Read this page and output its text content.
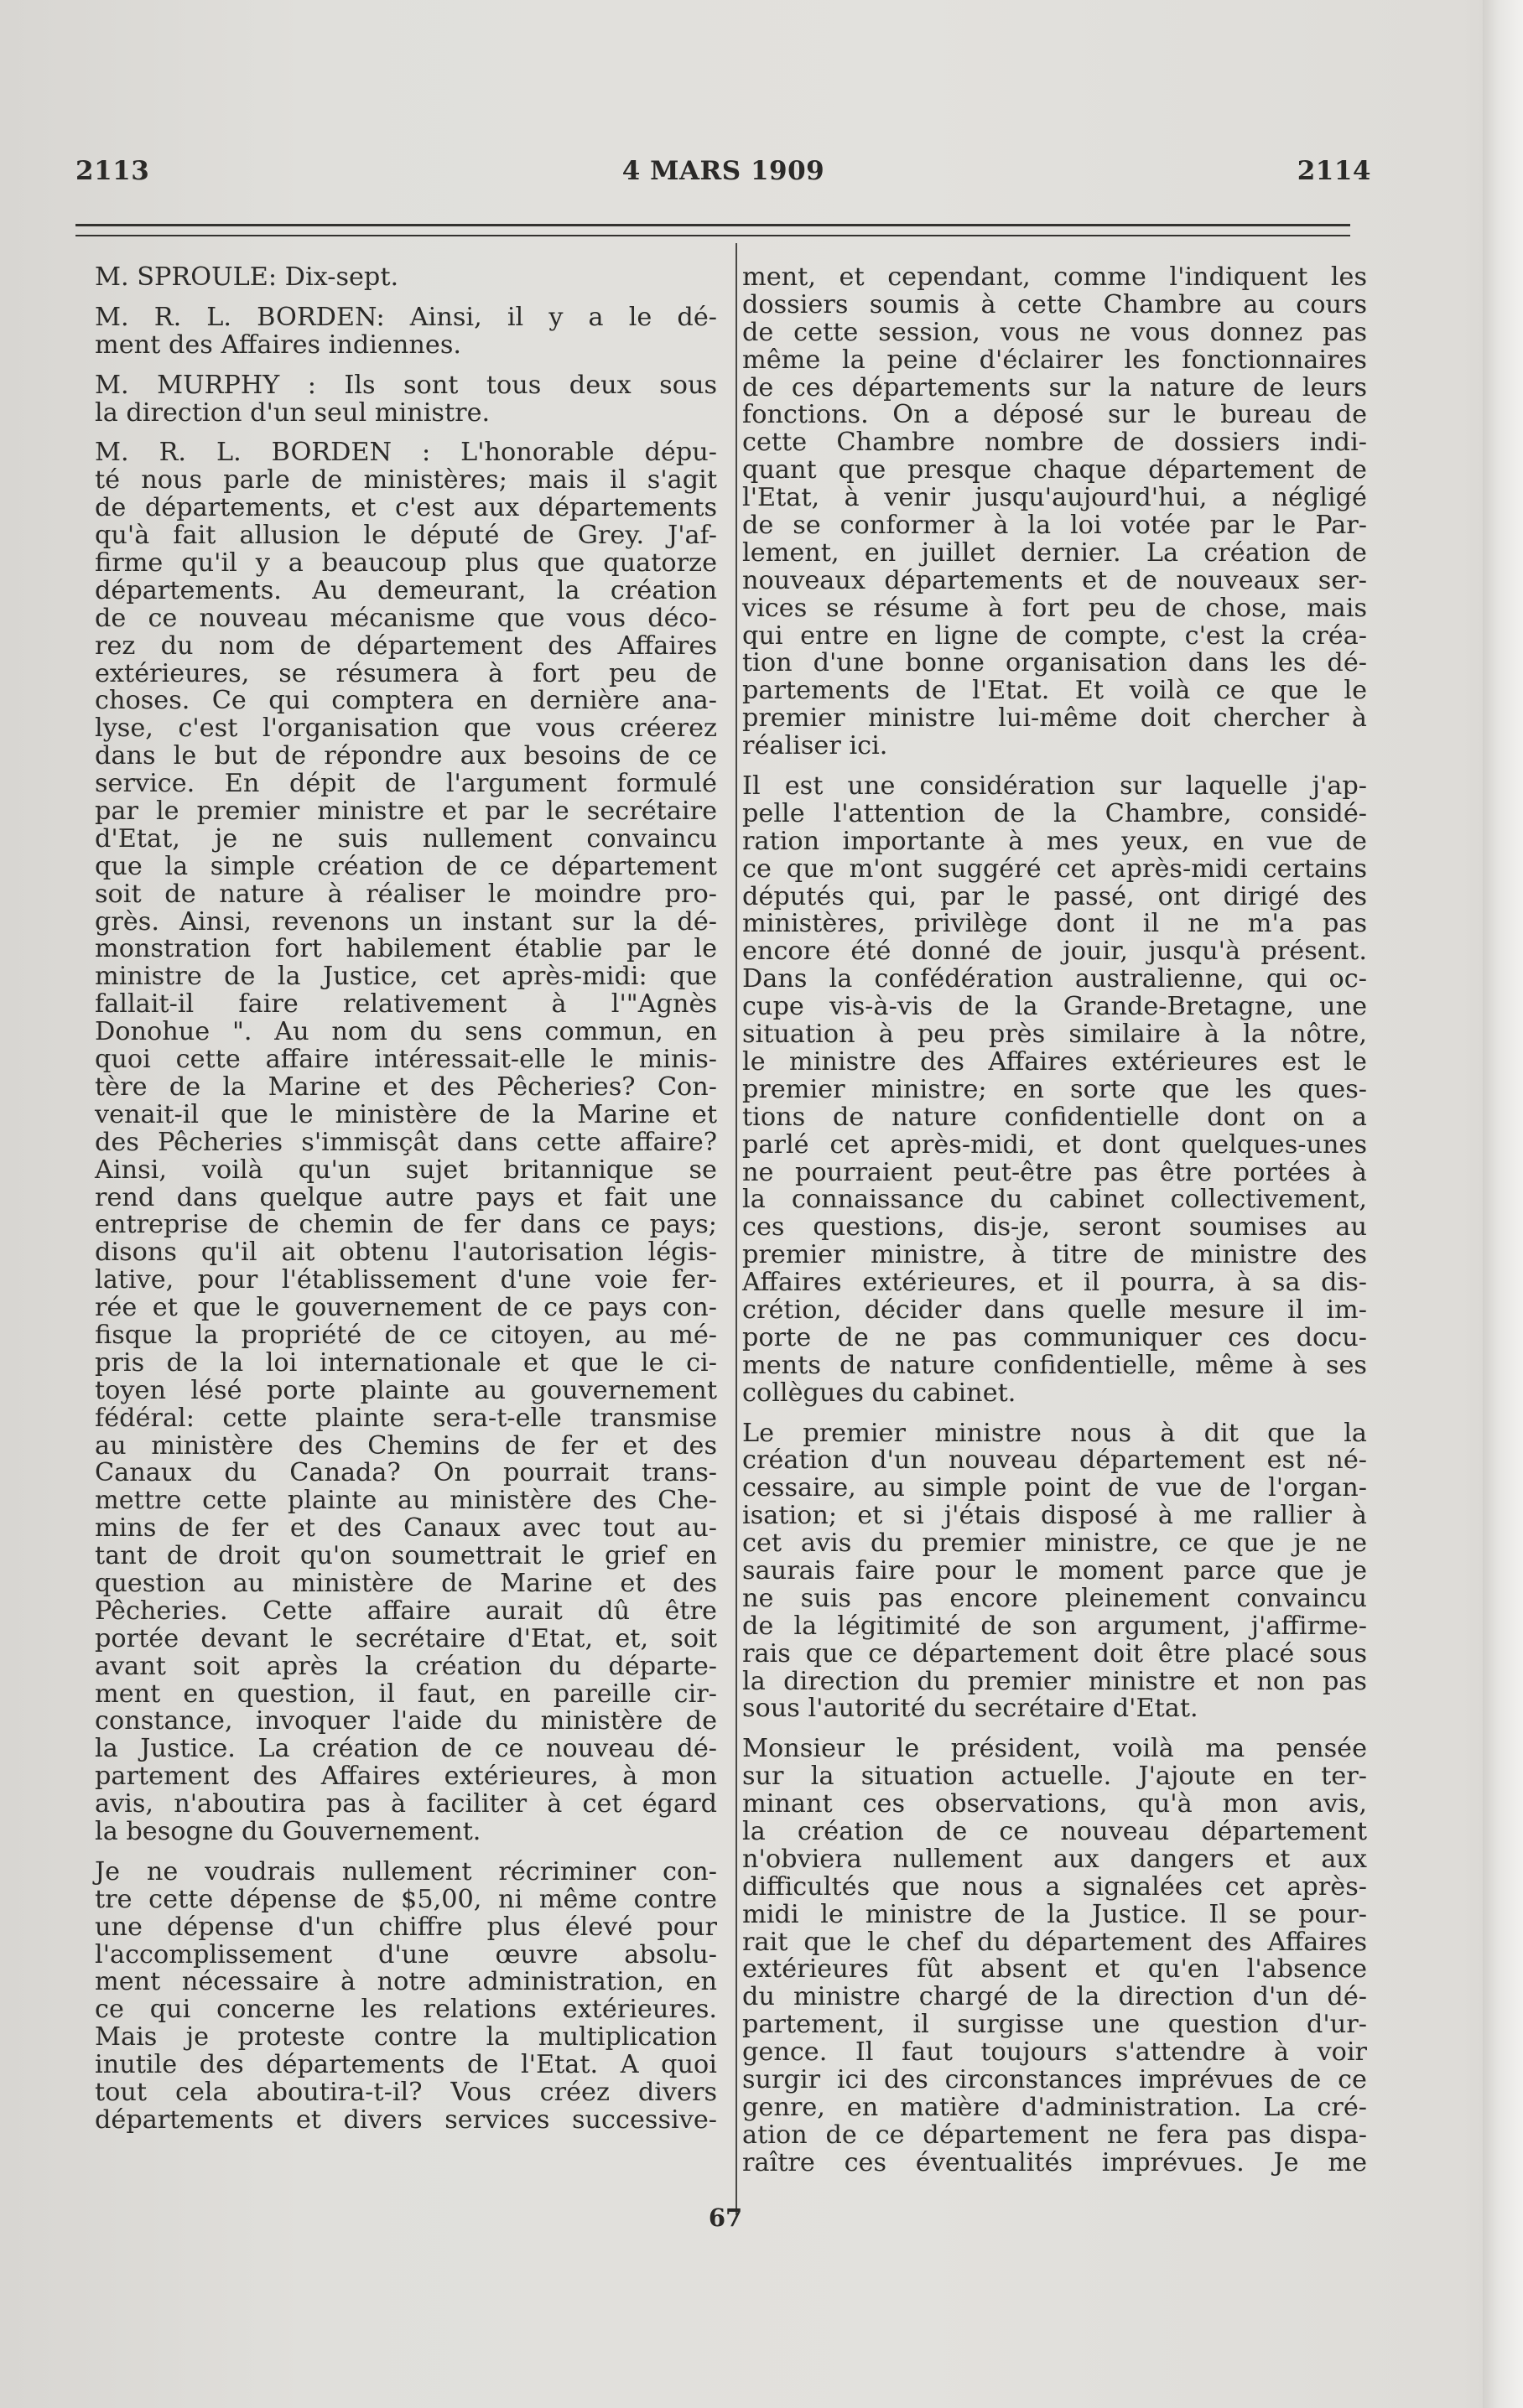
2113	4 MARS 1909	2114
M. SPROULE: Dix-sept.
M. R. L. BORDEN: Ainsi, il y a le dé-
ment des Affaires indiennes.
M. MURPHY : Ils sont tous deux sous
la direction d'un seul ministre.
M. R. L. BORDEN : L'honorable dépu-
té nous parle de ministères; mais il s'agit
de départements, et c'est aux départements
qu'à fait allusion le député de Grey. J'af-
firme qu'il y a beaucoup plus que quatorze
départements. Au demeurant, la création
de ce nouveau mécanisme que vous déco-
rez du nom de département des Affaires
extérieures, se résumera à fort peu de
choses. Ce qui comptera en dernière ana-
lyse, c'est l'organisation que vous créerez
dans le but de répondre aux besoins de ce
service. En dépit de l'argument formulé
par le premier ministre et par le secrétaire
d'Etat, je ne suis nullement convaincu
que la simple création de ce département
soit de nature à réaliser le moindre pro-
grès. Ainsi, revenons un instant sur la dé-
monstration fort habilement établie par le
ministre de la Justice, cet après-midi: que
fallait-il faire relativement à l'"Agnès
Donohue ". Au nom du sens commun, en
quoi cette affaire intéressait-elle le minis-
tère de la Marine et des Pêcheries? Con-
venait-il que le ministère de la Marine et
des Pêcheries s'immisçât dans cette affaire?
Ainsi, voilà qu'un sujet britannique se
rend dans quelque autre pays et fait une
entreprise de chemin de fer dans ce pays;
disons qu'il ait obtenu l'autorisation légis-
lative, pour l'établissement d'une voie fer-
rée et que le gouvernement de ce pays con-
fisque la propriété de ce citoyen, au mé-
pris de la loi internationale et que le ci-
toyen lésé porte plainte au gouvernement
fédéral: cette plainte sera-t-elle transmise
au ministère des Chemins de fer et des
Canaux du Canada? On pourrait trans-
mettre cette plainte au ministère des Che-
mins de fer et des Canaux avec tout au-
tant de droit qu'on soumettrait le grief en
question au ministère de Marine et des
Pêcheries. Cette affaire aurait dû être
portée devant le secrétaire d'Etat, et, soit
avant soit après la création du départe-
ment en question, il faut, en pareille cir-
constance, invoquer l'aide du ministère de
la Justice. La création de ce nouveau dé-
partement des Affaires extérieures, à mon
avis, n'aboutira pas à faciliter à cet égard
la besogne du Gouvernement.
Je ne voudrais nullement récriminer con-
tre cette dépense de $5,00, ni même contre
une dépense d'un chiffre plus élevé pour
l'accomplissement d'une œuvre absolu-
ment nécessaire à notre administration, en
ce qui concerne les relations extérieures.
Mais je proteste contre la multiplication
inutile des départements de l'Etat. A quoi
tout cela aboutira-t-il? Vous créez divers
départements et divers services successive-
ment, et cependant, comme l'indiquent les
dossiers soumis à cette Chambre au cours
de cette session, vous ne vous donnez pas
même la peine d'éclairer les fonctionnaires
de ces départements sur la nature de leurs
fonctions. On a déposé sur le bureau de
cette Chambre nombre de dossiers indi-
quant que presque chaque département de
l'Etat, à venir jusqu'aujourd'hui, a négligé
de se conformer à la loi votée par le Par-
lement, en juillet dernier. La création de
nouveaux départements et de nouveaux ser-
vices se résume à fort peu de chose, mais
qui entre en ligne de compte, c'est la créa-
tion d'une bonne organisation dans les dé-
partements de l'Etat. Et voilà ce que le
premier ministre lui-même doit chercher à
réaliser ici.
Il est une considération sur laquelle j'ap-
pelle l'attention de la Chambre, considé-
ration importante à mes yeux, en vue de
ce que m'ont suggéré cet après-midi certains
députés qui, par le passé, ont dirigé des
ministères, privilège dont il ne m'a pas
encore été donné de jouir, jusqu'à présent.
Dans la confédération australienne, qui oc-
cupe vis-à-vis de la Grande-Bretagne, une
situation à peu près similaire à la nôtre,
le ministre des Affaires extérieures est le
premier ministre; en sorte que les ques-
tions de nature confidentielle dont on a
parlé cet après-midi, et dont quelques-unes
ne pourraient peut-être pas être portées à
la connaissance du cabinet collectivement,
ces questions, dis-je, seront soumises au
premier ministre, à titre de ministre des
Affaires extérieures, et il pourra, à sa dis-
crétion, décider dans quelle mesure il im-
porte de ne pas communiquer ces docu-
ments de nature confidentielle, même à ses
collègues du cabinet.
Le premier ministre nous à dit que la
création d'un nouveau département est né-
cessaire, au simple point de vue de l'organ-
isation; et si j'étais disposé à me rallier à
cet avis du premier ministre, ce que je ne
saurais faire pour le moment parce que je
ne suis pas encore pleinement convaincu
de la légitimité de son argument, j'affirme-
rais que ce département doit être placé sous
la direction du premier ministre et non pas
sous l'autorité du secrétaire d'Etat.
Monsieur le président, voilà ma pensée
sur la situation actuelle. J'ajoute en ter-
minant ces observations, qu'à mon avis,
la création de ce nouveau département
n'obviera nullement aux dangers et aux
difficultés que nous a signalées cet après-
midi le ministre de la Justice. Il se pour-
rait que le chef du département des Affaires
extérieures fût absent et qu'en l'absence
du ministre chargé de la direction d'un dé-
partement, il surgisse une question d'ur-
gence. Il faut toujours s'attendre à voir
surgir ici des circonstances imprévues de ce
genre, en matière d'administration. La cré-
ation de ce département ne fera pas dispa-
raître ces éventualités imprévues. Je me
67
